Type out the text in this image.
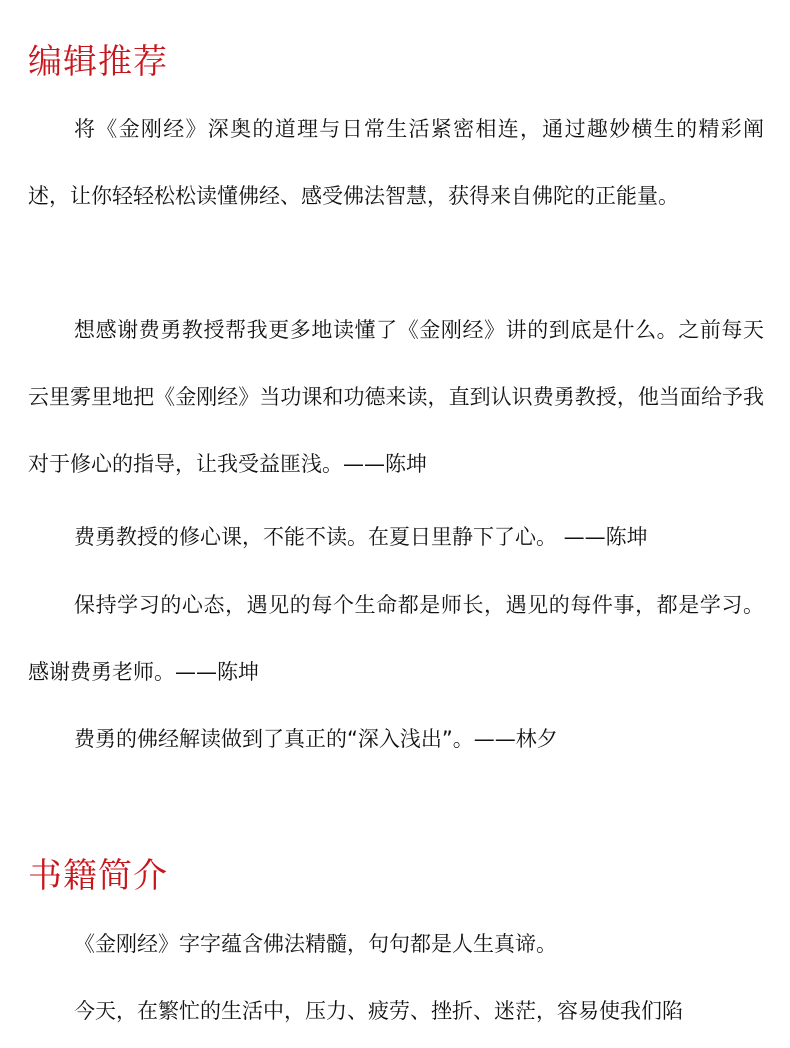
编辑推荐

将《金刚经》深奥的道理与日常生活紧密相连，通过趣妙横生的精彩阐述，让你轻轻松松读懂佛经、感受佛法智慧，获得来自佛陀的正能量。

想感谢费勇教授帮我更多地读懂了《金刚经》讲的到底是什么。之前每天云里雾里地把《金刚经》当功课和功德来读，直到认识费勇教授，他当面给予我对于修心的指导，让我受益匪浅。——陈坤

费勇教授的修心课，不能不读。在夏日里静下了心。 ——陈坤

保持学习的心态，遇见的每个生命都是师长，遇见的每件事，都是学习。感谢费勇老师。——陈坤

费勇的佛经解读做到了真正的“深入浅出”。——林夕

书籍简介

《金刚经》字字蕴含佛法精髓，句句都是人生真谛。

今天，在繁忙的生活中，压力、疲劳、挫折、迷茫，容易使我们陷
